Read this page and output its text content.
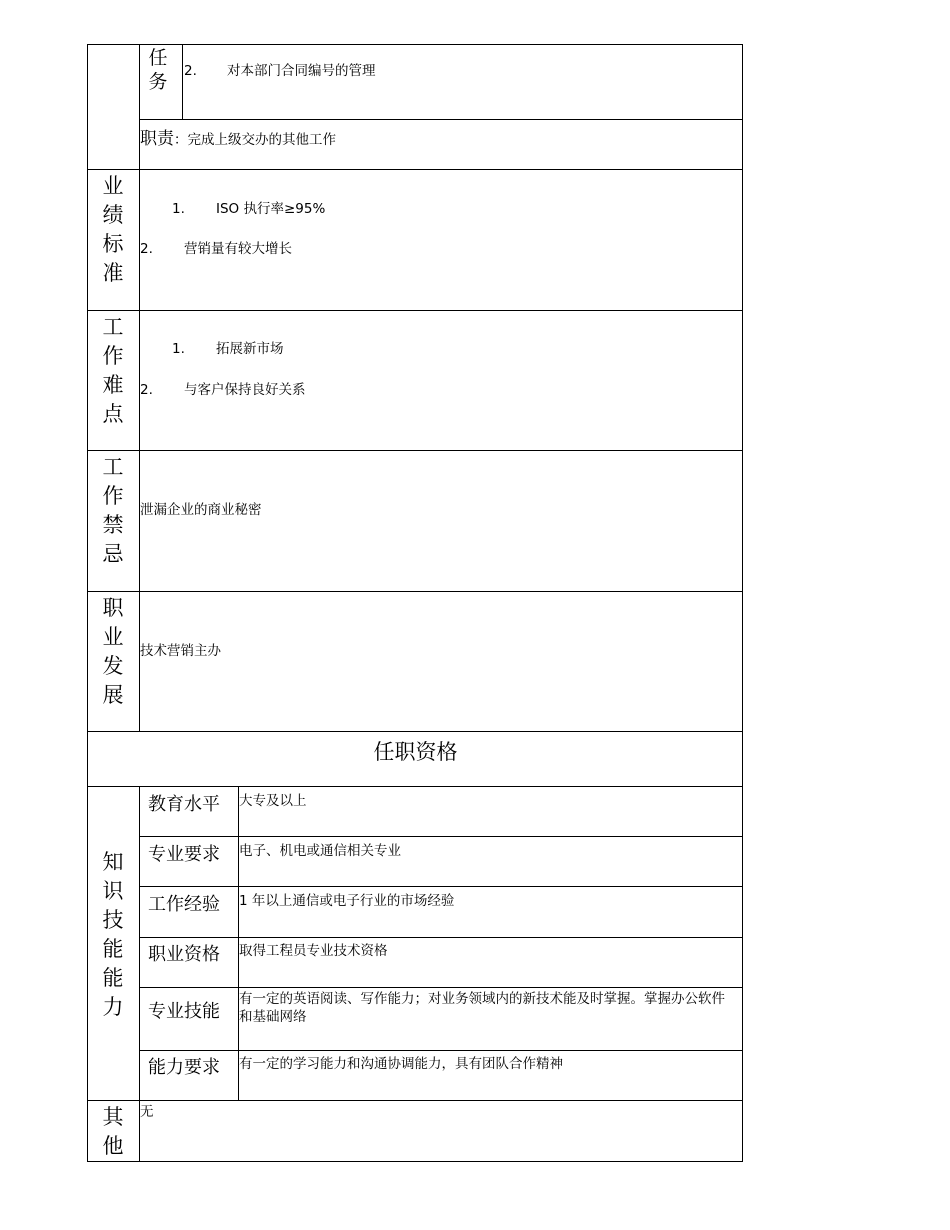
任
务	2. 对本部门合同编号的管理
职责：完成上级交办的其他工作
业
绩
标
准
1. ISO 执行率≥95%
2. 营销量有较大增长
工
作
难
点
1. 拓展新市场
2. 与客户保持良好关系
工
作
禁
忌
泄漏企业的商业秘密
职
业
发
展
技术营销主办
任职资格
知
识
技
能
能
力
教育水平 大专及以上
专业要求 电子、机电或通信相关专业
工作经验 1 年以上通信或电子行业的市场经验
职业资格 取得工程员专业技术资格
专业技能
有一定的英语阅读、写作能力；对业务领域内的新技术能及时掌握。掌握办公软件和基础网络
能力要求 有一定的学习能力和沟通协调能力，具有团队合作精神
其
他
无
